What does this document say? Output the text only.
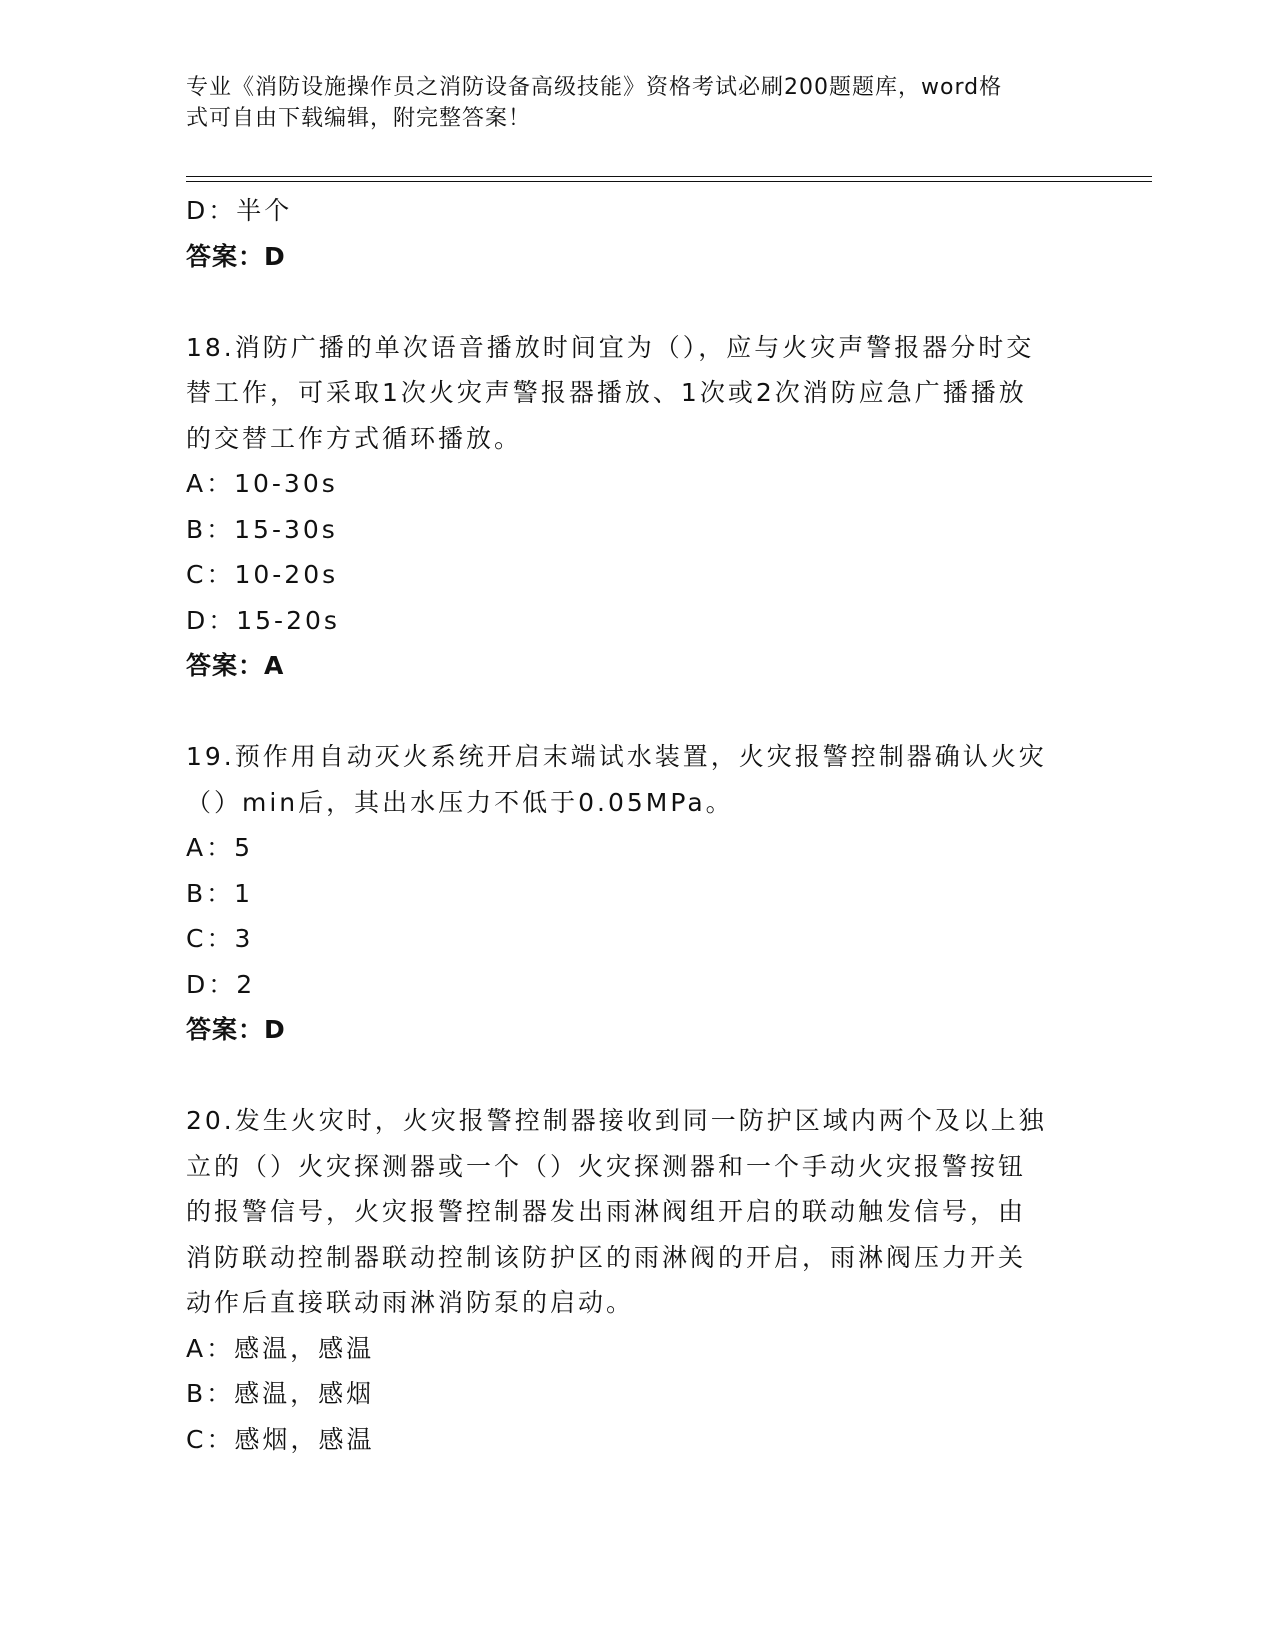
专业《消防设施操作员之消防设备高级技能》资格考试必刷200题题库，word格
式可自由下载编辑，附完整答案！
D：半个
答案：D
18.消防广播的单次语音播放时间宜为（），应与火灾声警报器分时交
替工作，可采取1次火灾声警报器播放、1次或2次消防应急广播播放
的交替工作方式循环播放。
A：10-30s
B：15-30s
C：10-20s
D：15-20s
答案：A
19.预作用自动灭火系统开启末端试水装置，火灾报警控制器确认火灾
（）min后，其出水压力不低于0.05MPa。
A：5
B：1
C：3
D：2
答案：D
20.发生火灾时，火灾报警控制器接收到同一防护区域内两个及以上独
立的（）火灾探测器或一个（）火灾探测器和一个手动火灾报警按钮
的报警信号，火灾报警控制器发出雨淋阀组开启的联动触发信号，由
消防联动控制器联动控制该防护区的雨淋阀的开启，雨淋阀压力开关
动作后直接联动雨淋消防泵的启动。
A：感温，感温
B：感温，感烟
C：感烟，感温
